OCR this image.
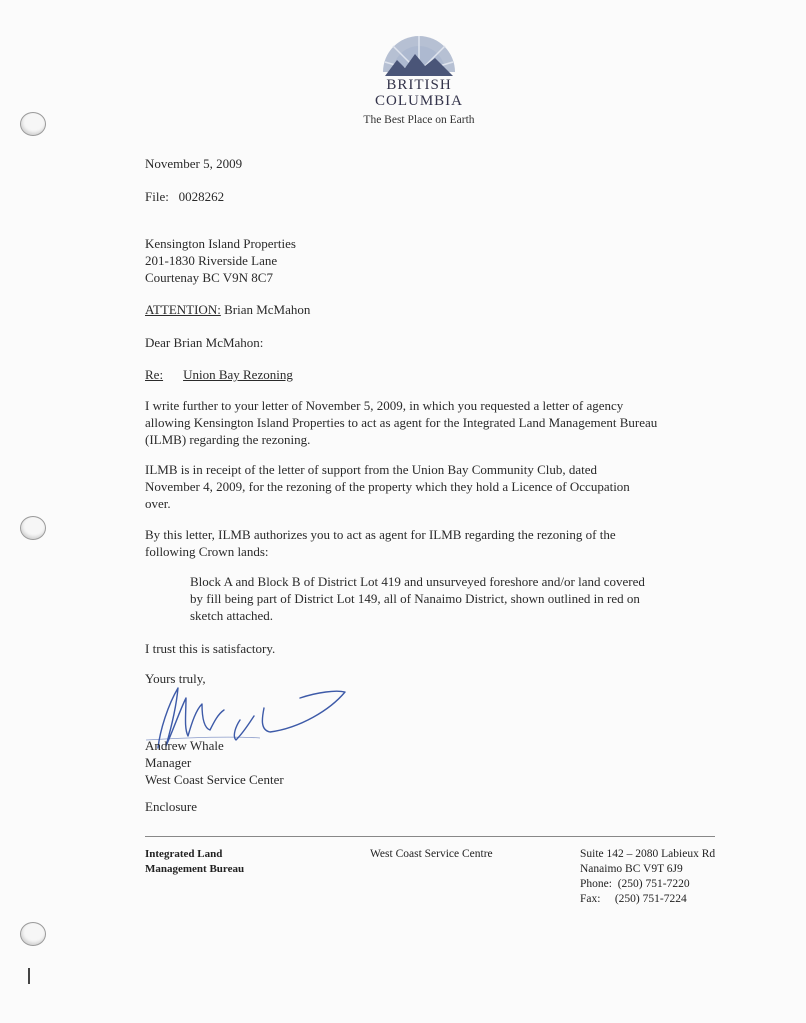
BRITISH
COLUMBIA
The Best Place on Earth
November 5, 2009
File: 0028262
Kensington Island Properties
201-1830 Riverside Lane
Courtenay BC V9N 8C7
ATTENTION: Brian McMahon
Dear Brian McMahon:
Re: Union Bay Rezoning
I write further to your letter of November 5, 2009, in which you requested a letter of agency
allowing Kensington Island Properties to act as agent for the Integrated Land Management Bureau
(ILMB) regarding the rezoning.
ILMB is in receipt of the letter of support from the Union Bay Community Club, dated
November 4, 2009, for the rezoning of the property which they hold a Licence of Occupation
over.
By this letter, ILMB authorizes you to act as agent for ILMB regarding the rezoning of the
following Crown lands:
Block A and Block B of District Lot 419 and unsurveyed foreshore and/or land covered
by fill being part of District Lot 149, all of Nanaimo District, shown outlined in red on
sketch attached.
I trust this is satisfactory.
Yours truly,
Andrew Whale
Manager
West Coast Service Center
Enclosure
Integrated Land
Management Bureau
West Coast Service Centre	Suite 142 – 2080 Labieux Rd
Nanaimo BC V9T 6J9
Phone: (250) 751-7220
Fax: (250) 751-7224
